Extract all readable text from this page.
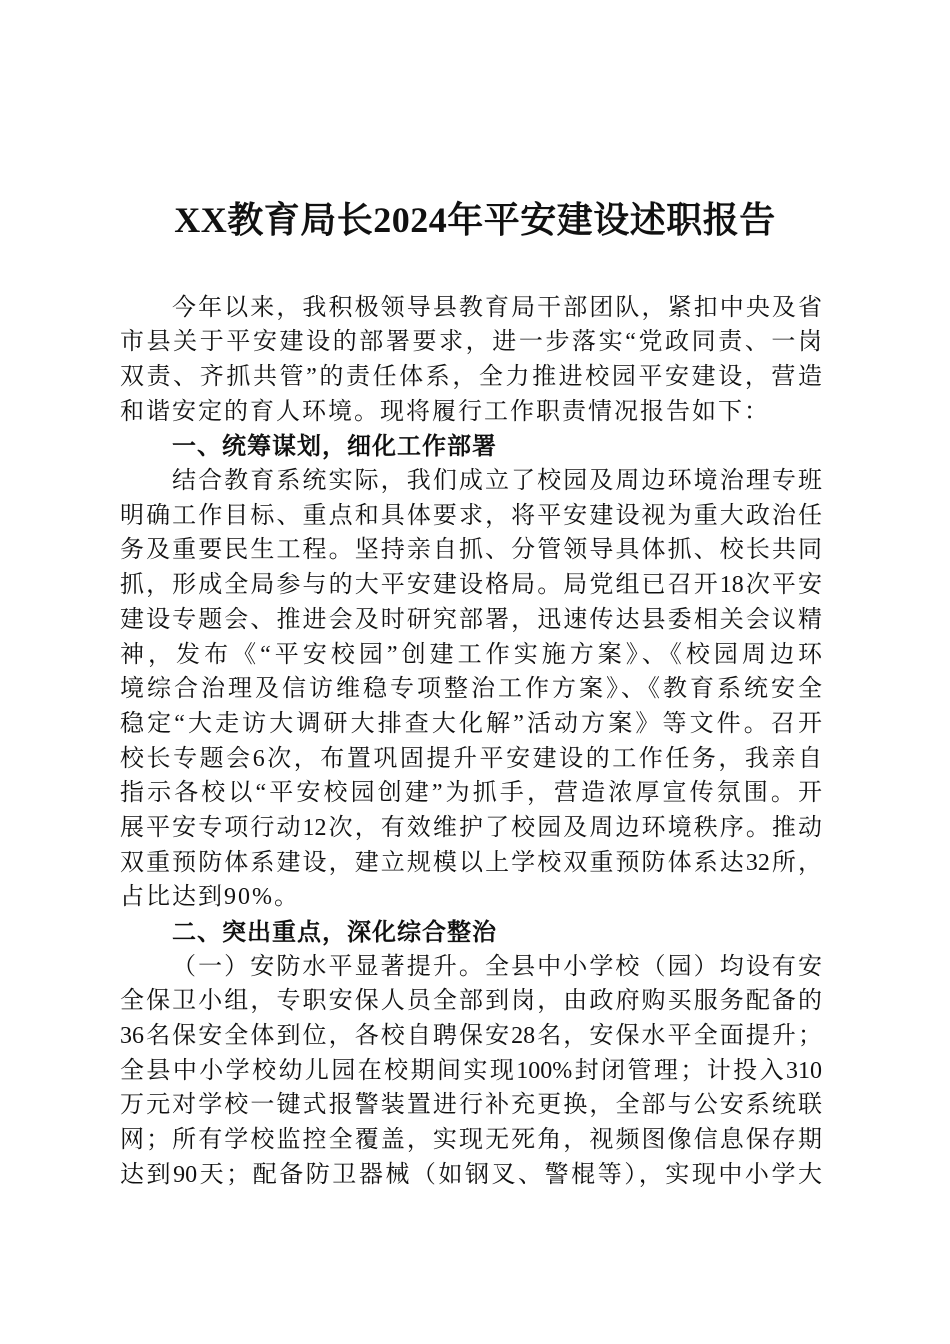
XX教育局长2024年平安建设述职报告
今年以来，我积极领导县教育局干部团队，紧扣中央及省
市县关于平安建设的部署要求，进一步落实“党政同责、一岗
双责、齐抓共管”的责任体系，全力推进校园平安建设，营造
和谐安定的育人环境。现将履行工作职责情况报告如下：
一、统筹谋划，细化工作部署
结合教育系统实际，我们成立了校园及周边环境治理专班
明确工作目标、重点和具体要求，将平安建设视为重大政治任
务及重要民生工程。坚持亲自抓、分管领导具体抓、校长共同
抓，形成全局参与的大平安建设格局。局党组已召开18次平安
建设专题会、推进会及时研究部署，迅速传达县委相关会议精
神，发布《“平安校园”创建工作实施方案》、《校园周边环
境综合治理及信访维稳专项整治工作方案》、《教育系统安全
稳定“大走访大调研大排查大化解”活动方案》等文件。召开
校长专题会6次，布置巩固提升平安建设的工作任务，我亲自
指示各校以“平安校园创建”为抓手，营造浓厚宣传氛围。开
展平安专项行动12次，有效维护了校园及周边环境秩序。推动
双重预防体系建设，建立规模以上学校双重预防体系达32所，
占比达到90%。
二、突出重点，深化综合整治
（一）安防水平显著提升。全县中小学校（园）均设有安
全保卫小组，专职安保人员全部到岗，由政府购买服务配备的
36名保安全体到位，各校自聘保安28名，安保水平全面提升；
全县中小学校幼儿园在校期间实现100%封闭管理；计投入310
万元对学校一键式报警装置进行补充更换，全部与公安系统联
网；所有学校监控全覆盖，实现无死角，视频图像信息保存期
达到90天；配备防卫器械（如钢叉、警棍等），实现中小学大
